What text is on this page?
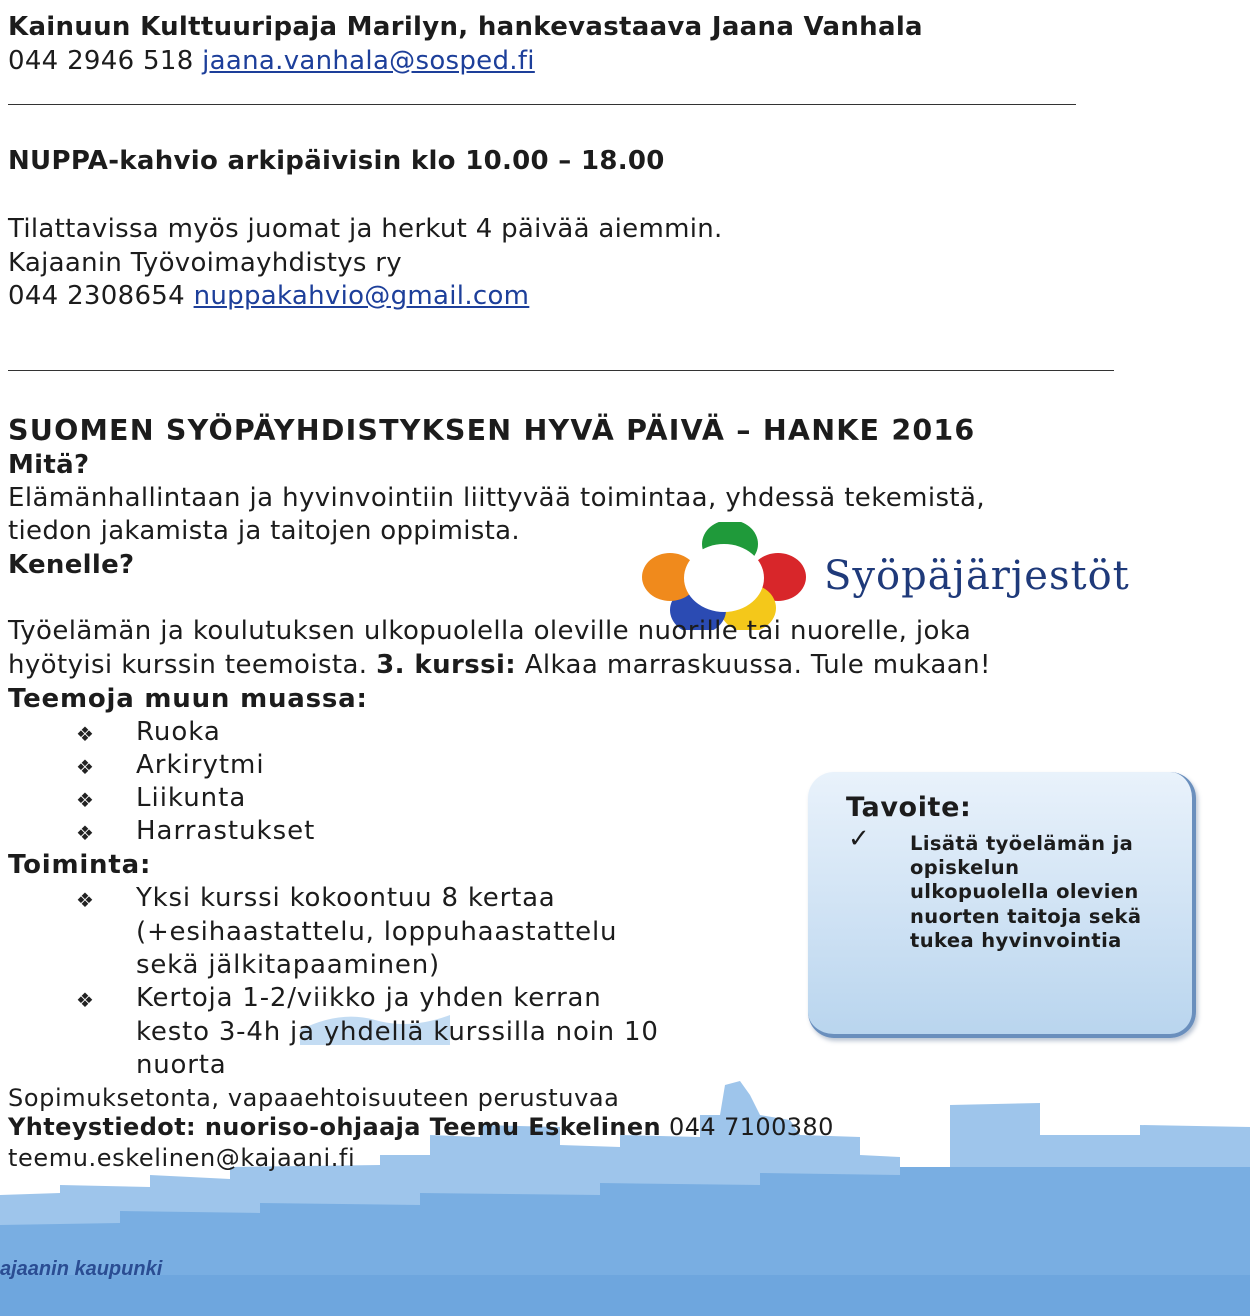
Kainuun Kulttuuripaja Marilyn, hankevastaava Jaana Vanhala
044 2946 518 jaana.vanhala@sosped.fi
NUPPA-kahvio arkipäivisin klo 10.00 – 18.00
Tilattavissa myös juomat ja herkut 4 päivää aiemmin.
Kajaanin Työvoimayhdistys ry
044 2308654 nuppakahvio@gmail.com
SUOMEN SYÖPÄYHDISTYKSEN HYVÄ PÄIVÄ – HANKE 2016
Mitä?
Elämänhallintaan ja hyvinvointiin liittyvää toimintaa, yhdessä tekemistä,
tiedon jakamista ja taitojen oppimista.
Kenelle?	Syöpäjärjestöt
Työelämän ja koulutuksen ulkopuolella oleville nuorille tai nuorelle, joka
hyötyisi kurssin teemoista. 3. kurssi: Alkaa marraskuussa. Tule mukaan!
Teemoja muun muassa:
❖ Ruoka
❖ Arkirytmi
❖ Liikunta
❖ Harrastukset
Toiminta:
❖ Yksi kurssi kokoontuu 8 kertaa
(+esihaastattelu, loppuhaastattelu
sekä jälkitapaaminen)
❖ Kertoja 1-2/viikko ja yhden kerran
kesto 3-4h ja yhdellä kurssilla noin 10
nuorta
Sopimuksetonta, vapaaehtoisuuteen perustuvaa
Yhteystiedot: nuoriso-ohjaaja Teemu Eskelinen 044 7100380
teemu.eskelinen@kajaani.fi
Tavoite:
✓ Lisätä työelämän ja opiskelun ulkopuolella olevien nuorten taitoja sekä tukea hyvinvointia
ajaanin kaupunki
